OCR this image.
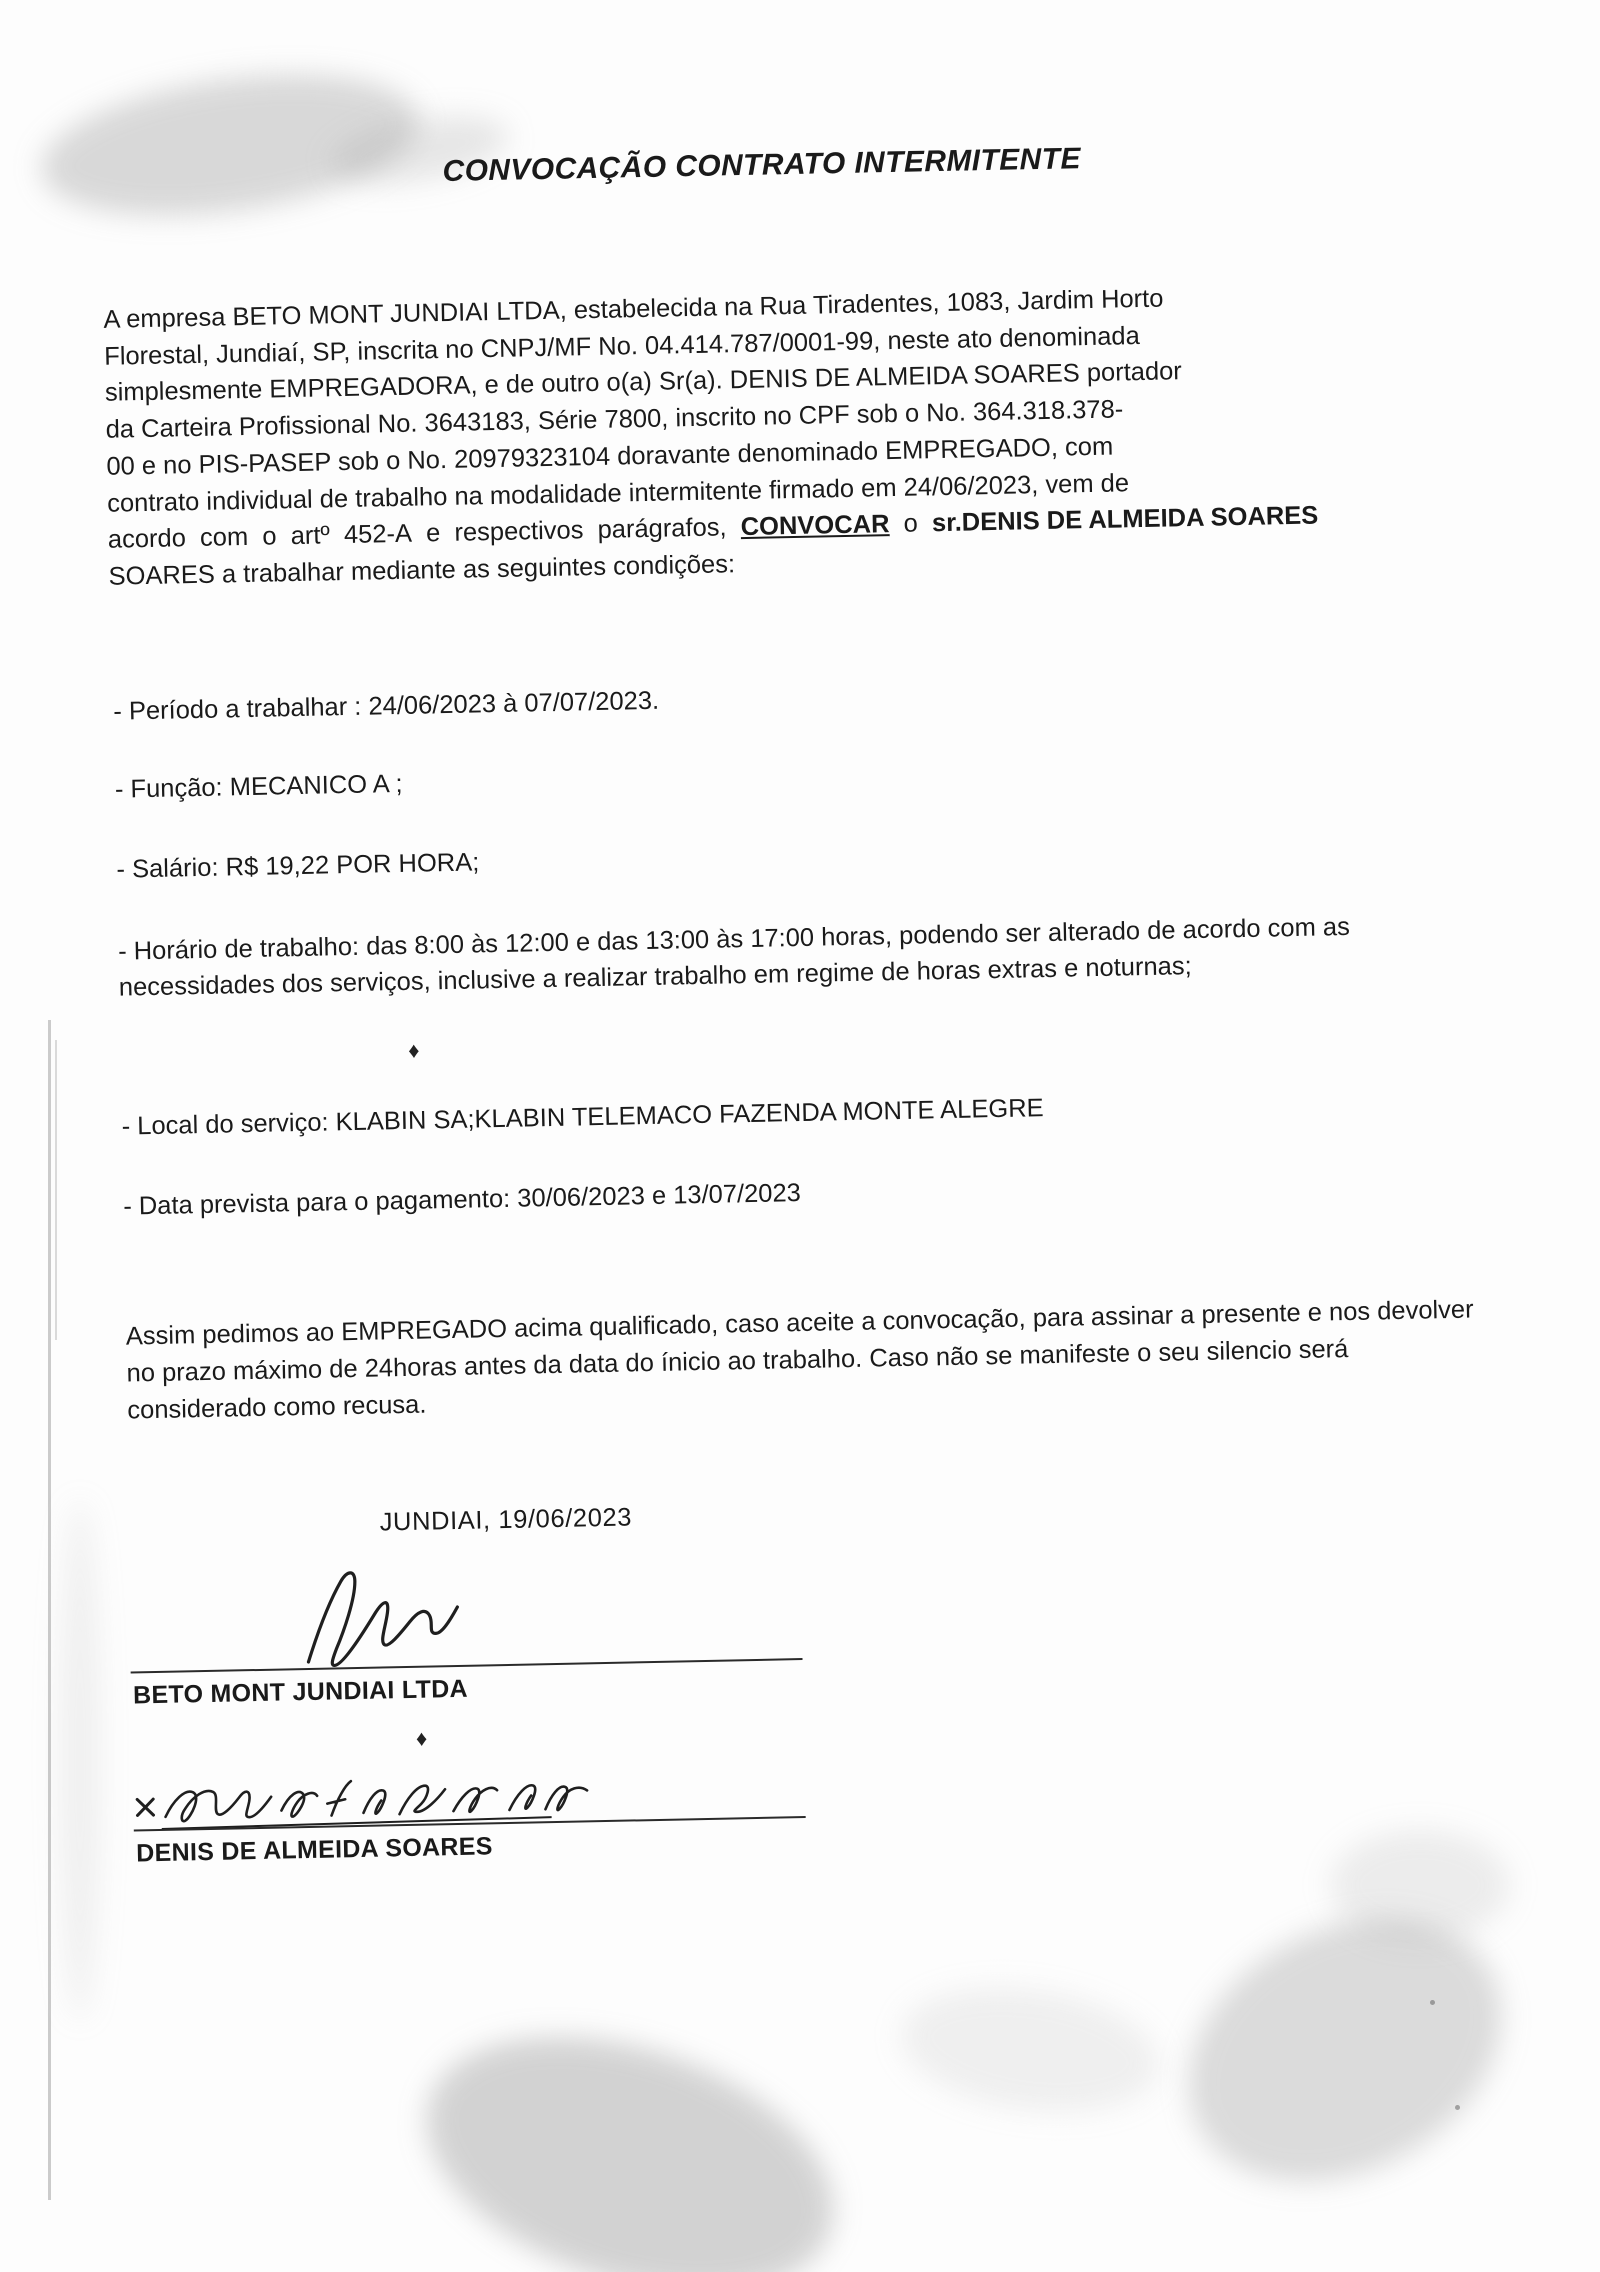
CONVOCAÇÃO CONTRATO INTERMITENTE
A empresa BETO MONT JUNDIAI LTDA, estabelecida na Rua Tiradentes, 1083, Jardim Horto
Florestal, Jundiaí, SP, inscrita no CNPJ/MF No. 04.414.787/0001-99, neste ato denominada
simplesmente EMPREGADORA, e de outro o(a) Sr(a). DENIS DE ALMEIDA SOARES portador
da Carteira Profissional No. 3643183, Série 7800, inscrito no CPF sob o No. 364.318.378-
00 e no PIS-PASEP sob o No. 20979323104 doravante denominado EMPREGADO, com
contrato individual de trabalho na modalidade intermitente firmado em 24/06/2023, vem de
acordo  com  o  artº  452-A  e  respectivos  parágrafos,  CONVOCAR  o  sr.DENIS DE ALMEIDA SOARES
SOARES a trabalhar mediante as seguintes condições:
- Período a trabalhar : 24/06/2023 à 07/07/2023.
- Função: MECANICO A ;
- Salário: R$ 19,22 POR HORA;
- Horário de trabalho: das 8:00 às 12:00 e das 13:00 às 17:00 horas, podendo ser alterado de acordo com as necessidades dos serviços, inclusive a realizar trabalho em regime de horas extras e noturnas;
- Local do serviço: KLABIN SA;KLABIN TELEMACO FAZENDA MONTE ALEGRE
- Data prevista para o pagamento: 30/06/2023 e 13/07/2023
Assim pedimos ao EMPREGADO acima qualificado, caso aceite a convocação, para assinar a presente e nos devolver no prazo máximo de 24horas antes da data do ínicio ao trabalho. Caso não se manifeste o seu silencio será considerado como recusa.
JUNDIAI, 19/06/2023
BETO MONT JUNDIAI LTDA
DENIS DE ALMEIDA SOARES
♦
♦
